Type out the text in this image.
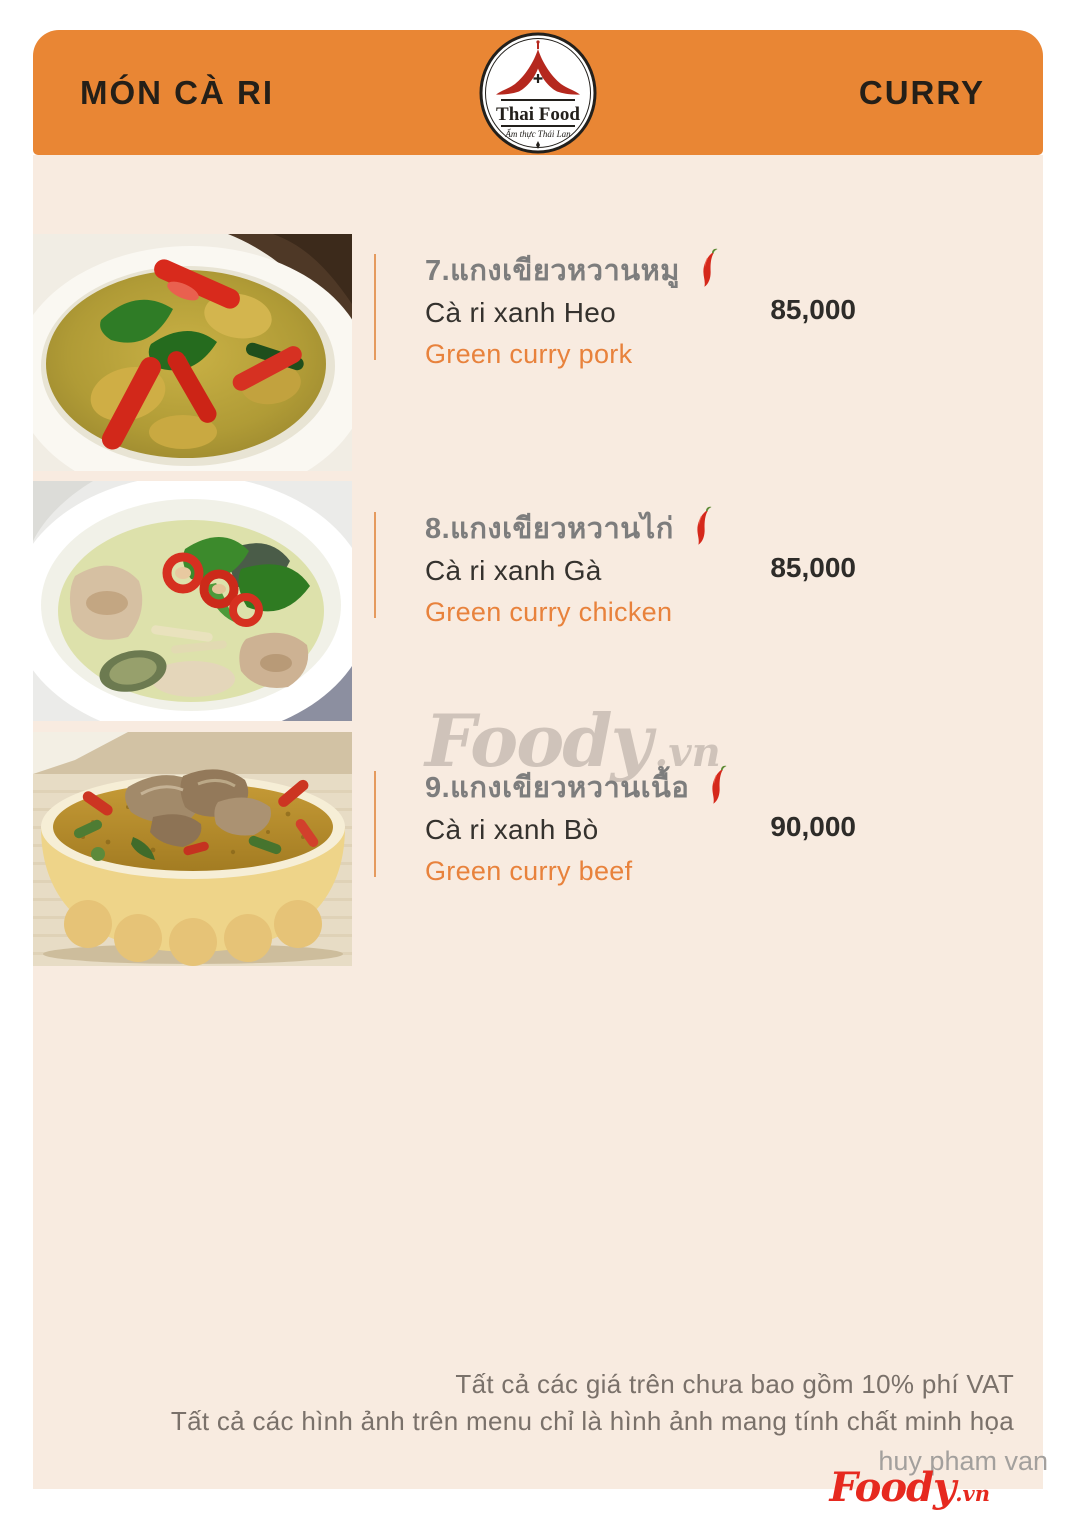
MÓN CÀ RI	CURRY
Thai Food
Ẩm thực Thái Lan
Foody .vn
7.แกงเขียวหวานหมู
Cà ri xanh Heo
Green curry pork
85,000
8.แกงเขียวหวานไก่
Cà ri xanh Gà
Green curry chicken
85,000
9.แกงเขียวหวานเนื้อ
Cà ri xanh Bò
Green curry beef
90,000
Tất cả các giá trên chưa bao gồm 10% phí VAT
Tất cả các hình ảnh trên menu chỉ là hình ảnh mang tính chất minh họa
huy pham van
Foody.vn
